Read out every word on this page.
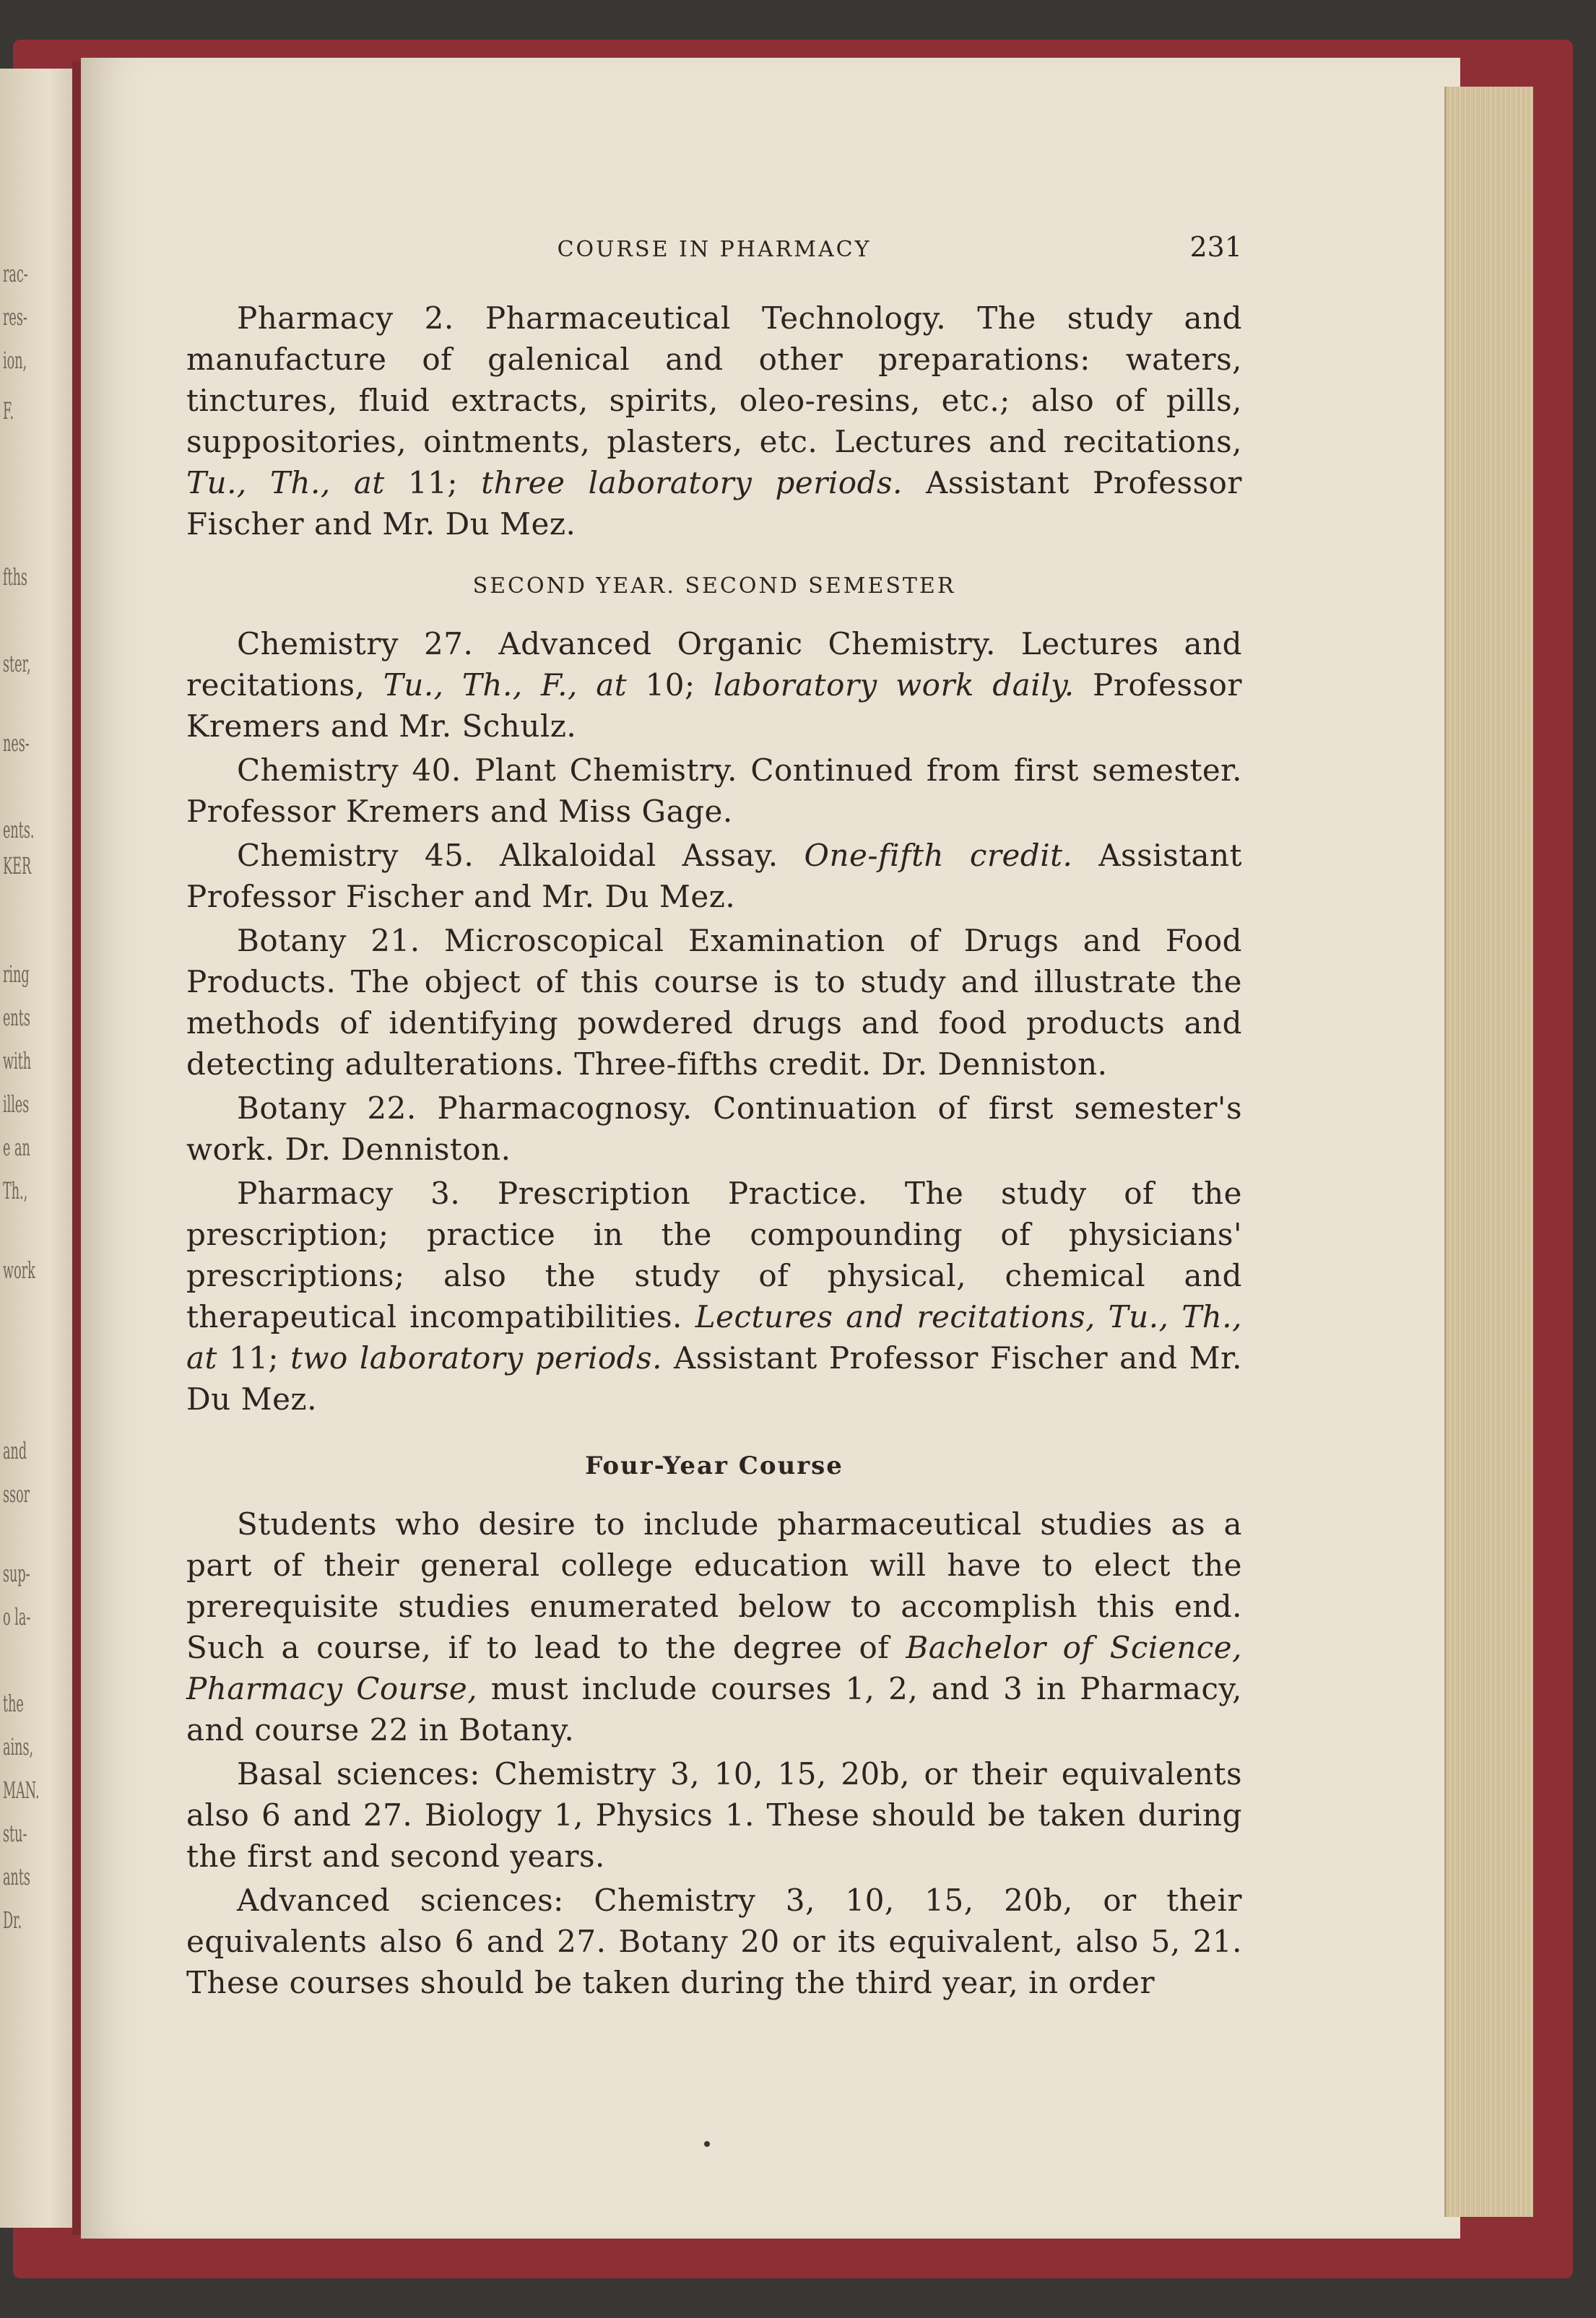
rac-
res-
ion,
F.
fths
ster,
nes-
ents.
KER
ring
ents
with
illes
e an
Th.,
work
and
ssor
sup-
o la-
the
ains,
MAN.
stu-
ants
Dr.
COURSE IN PHARMACY	231

Pharmacy 2. Pharmaceutical Technology. The study and manufacture of galenical and other preparations: waters, tinctures, fluid extracts, spirits, oleo-resins, etc.; also of pills, suppositories, ointments, plasters, etc. Lectures and recitations, Tu., Th., at 11; three laboratory periods. Assistant Professor Fischer and Mr. Du Mez.

SECOND YEAR. SECOND SEMESTER

Chemistry 27. Advanced Organic Chemistry. Lectures and recitations, Tu., Th., F., at 10; laboratory work daily. Professor Kremers and Mr. Schulz.

Chemistry 40. Plant Chemistry. Continued from first semester. Professor Kremers and Miss Gage.

Chemistry 45. Alkaloidal Assay. One-fifth credit. Assistant Professor Fischer and Mr. Du Mez.

Botany 21. Microscopical Examination of Drugs and Food Products. The object of this course is to study and illustrate the methods of identifying powdered drugs and food products and detecting adulterations. Three-fifths credit. Dr. Denniston.

Botany 22. Pharmacognosy. Continuation of first semester's work. Dr. Denniston.

Pharmacy 3. Prescription Practice. The study of the prescription; practice in the compounding of physicians' prescriptions; also the study of physical, chemical and therapeutical incompatibilities. Lectures and recitations, Tu., Th., at 11; two laboratory periods. Assistant Professor Fischer and Mr. Du Mez.

Four-Year Course

Students who desire to include pharmaceutical studies as a part of their general college education will have to elect the prerequisite studies enumerated below to accomplish this end. Such a course, if to lead to the degree of Bachelor of Science, Pharmacy Course, must include courses 1, 2, and 3 in Pharmacy, and course 22 in Botany.

Basal sciences: Chemistry 3, 10, 15, 20b, or their equivalents also 6 and 27. Biology 1, Physics 1. These should be taken during the first and second years.

Advanced sciences: Chemistry 3, 10, 15, 20b, or their equivalents also 6 and 27. Botany 20 or its equivalent, also 5, 21. These courses should be taken during the third year, in order
